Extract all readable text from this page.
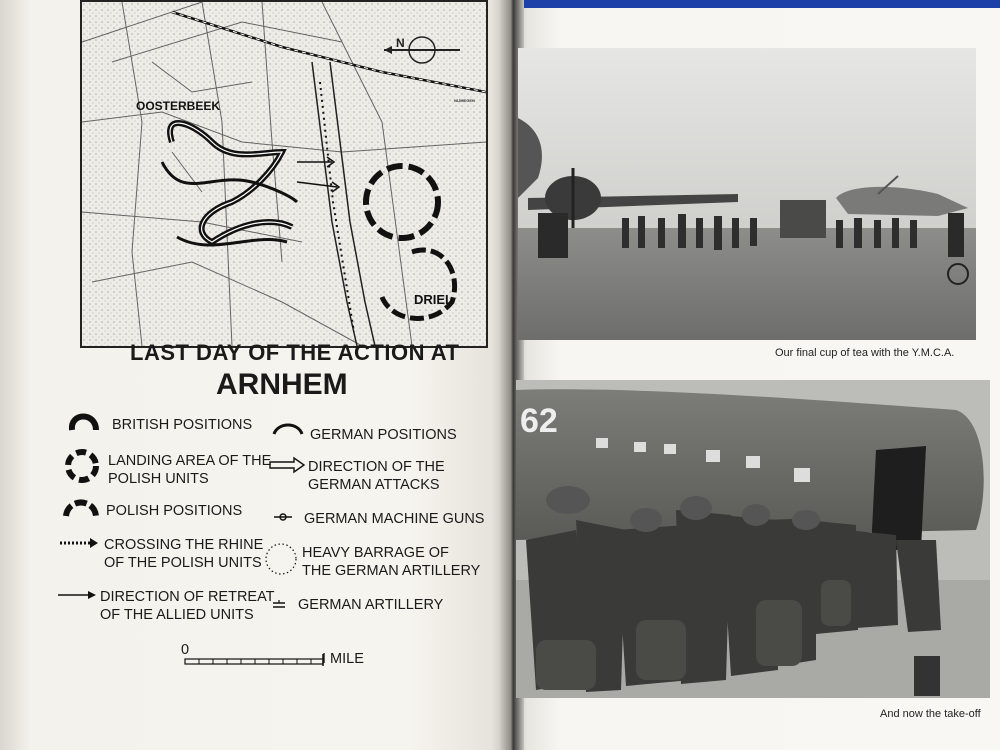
N
OOSTERBEEK
DRIEL
NIJMEGEN
LAST DAY OF THE ACTION AT
ARNHEM
BRITISH POSITIONS
GERMAN POSITIONS
LANDING AREA OF THE
POLISH UNITS
DIRECTION OF THE
GERMAN ATTACKS
POLISH POSITIONS	GERMAN MACHINE GUNS
CROSSING THE RHINE
OF THE POLISH UNITS
HEAVY BARRAGE OF
THE GERMAN ARTILLERY
DIRECTION OF RETREAT
OF THE ALLIED UNITS
GERMAN ARTILLERY
0
I MILE
Our final cup of tea with the Y.M.C.A.
62
And now the take-off
